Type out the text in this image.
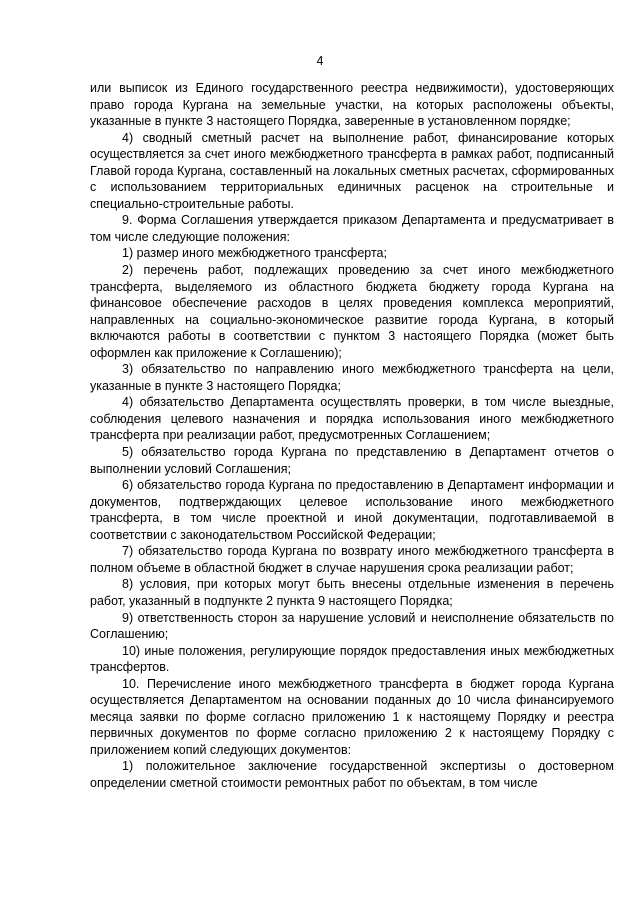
4

или выписок из Единого государственного реестра недвижимости), удостоверяющих право города Кургана на земельные участки, на которых расположены объекты, указанные в пункте 3 настоящего Порядка, заверенные в установленном порядке;

4) сводный сметный расчет на выполнение работ, финансирование которых осуществляется за счет иного межбюджетного трансферта в рамках работ, подписанный Главой города Кургана, составленный на локальных сметных расчетах, сформированных с использованием территориальных единичных расценок на строительные и специально-строительные работы.

9. Форма Соглашения утверждается приказом Департамента и предусматривает в том числе следующие положения:

1) размер иного межбюджетного трансферта;

2) перечень работ, подлежащих проведению за счет иного межбюджетного трансферта, выделяемого из областного бюджета бюджету города Кургана на финансовое обеспечение расходов в целях проведения комплекса мероприятий, направленных на социально-экономическое развитие города Кургана, в который включаются работы в соответствии с пунктом 3 настоящего Порядка (может быть оформлен как приложение к Соглашению);

3) обязательство по направлению иного межбюджетного трансферта на цели, указанные в пункте 3 настоящего Порядка;

4) обязательство Департамента осуществлять проверки, в том числе выездные, соблюдения целевого назначения и порядка использования иного межбюджетного трансферта при реализации работ, предусмотренных Соглашением;

5) обязательство города Кургана по представлению в Департамент отчетов о выполнении условий Соглашения;

6) обязательство города Кургана по предоставлению в Департамент информации и документов, подтверждающих целевое использование иного межбюджетного трансферта, в том числе проектной и иной документации, подготавливаемой в соответствии с законодательством Российской Федерации;

7) обязательство города Кургана по возврату иного межбюджетного трансферта в полном объеме в областной бюджет в случае нарушения срока реализации работ;

8) условия, при которых могут быть внесены отдельные изменения в перечень работ, указанный в подпункте 2 пункта 9 настоящего Порядка;

9) ответственность сторон за нарушение условий и неисполнение обязательств по Соглашению;

10) иные положения, регулирующие порядок предоставления иных межбюджетных трансфертов.

10. Перечисление иного межбюджетного трансферта в бюджет города Кургана осуществляется Департаментом на основании поданных до 10 числа финансируемого месяца заявки по форме согласно приложению 1 к настоящему Порядку и реестра первичных документов по форме согласно приложению 2 к настоящему Порядку с приложением копий следующих документов:

1) положительное заключение государственной экспертизы о достоверном определении сметной стоимости ремонтных работ по объектам, в том числе
